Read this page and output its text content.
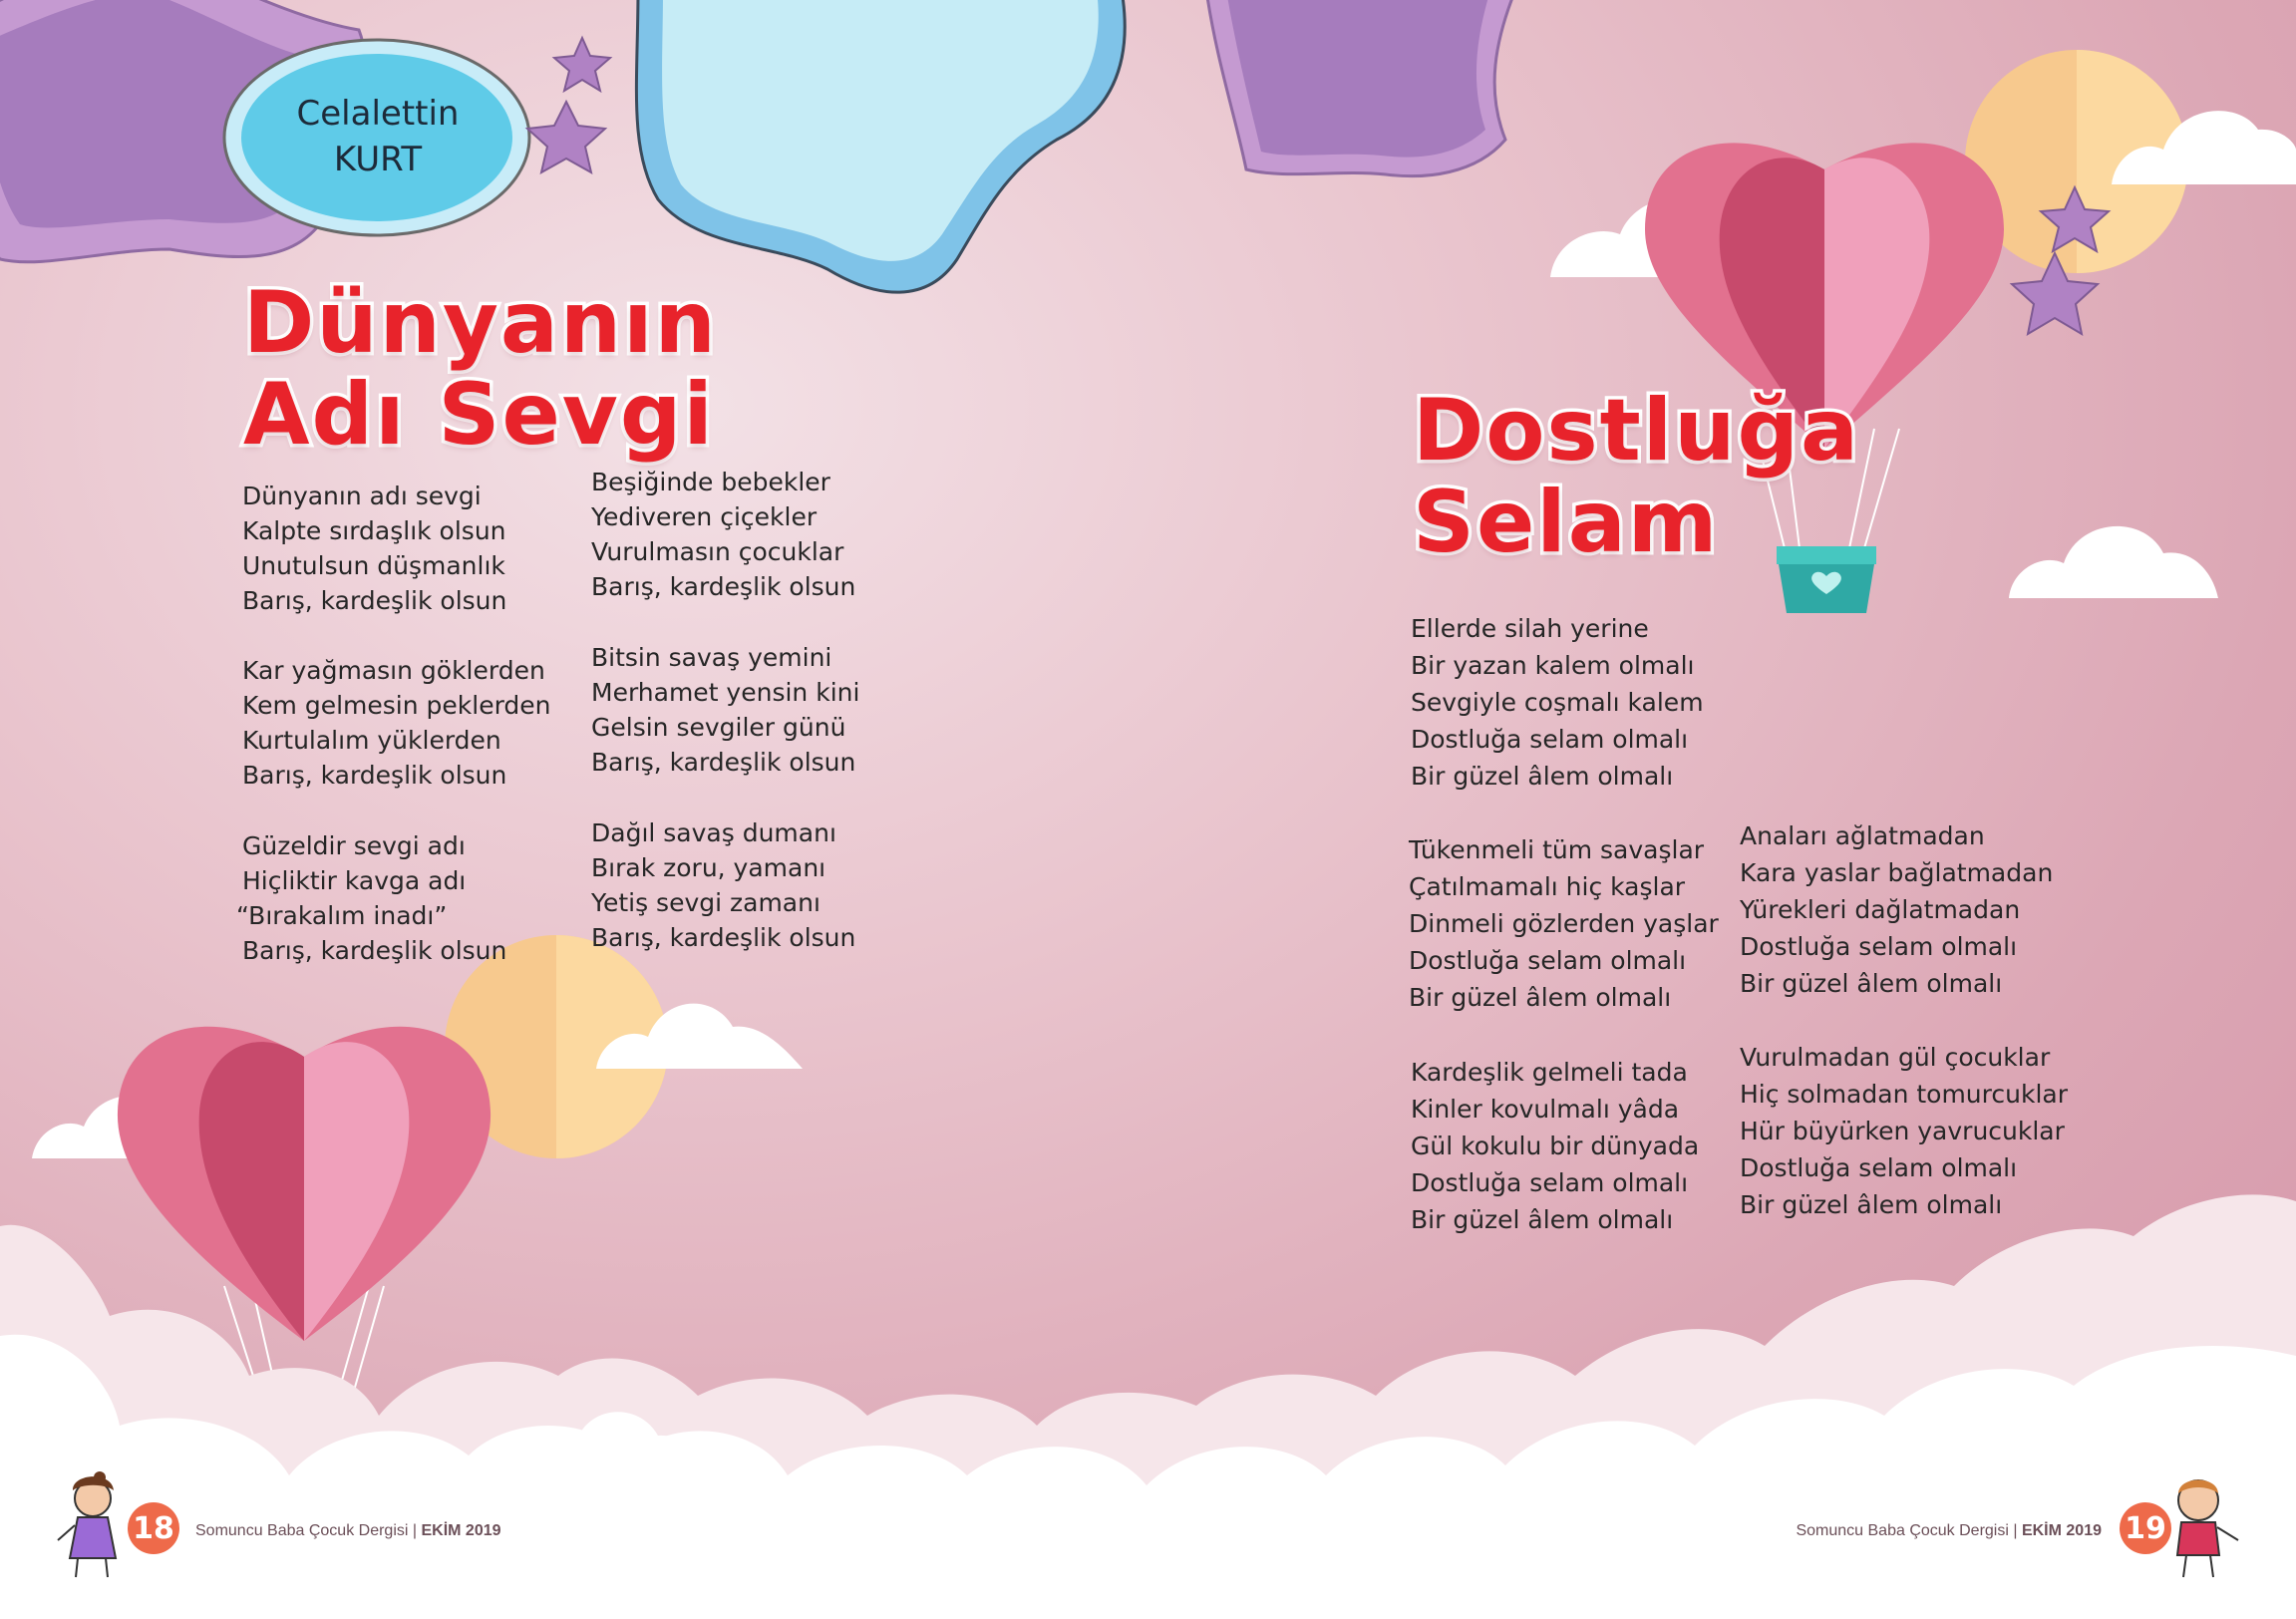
Celalettin
KURT
Dünyanın
Adı Sevgi
Dünyanın adı sevgi
Kalpte sırdaşlık olsun
Unutulsun düşmanlık
Barış, kardeşlik olsun
Kar yağmasın göklerden
Kem gelmesin peklerden
Kurtulalım yüklerden
Barış, kardeşlik olsun
Güzeldir sevgi adı
Hiçliktir kavga adı
“Bırakalım inadı”
Barış, kardeşlik olsun
Beşiğinde bebekler
Yediveren çiçekler
Vurulmasın çocuklar
Barış, kardeşlik olsun
Bitsin savaş yemini
Merhamet yensin kini
Gelsin sevgiler günü
Barış, kardeşlik olsun
Dağıl savaş dumanı
Bırak zoru, yamanı
Yetiş sevgi zamanı
Barış, kardeşlik olsun
Dostluğa
Selam
Ellerde silah yerine
Bir yazan kalem olmalı
Sevgiyle coşmalı kalem
Dostluğa selam olmalı
Bir güzel âlem olmalı
Tükenmeli tüm savaşlar
Çatılmamalı hiç kaşlar
Dinmeli gözlerden yaşlar
Dostluğa selam olmalı
Bir güzel âlem olmalı
Kardeşlik gelmeli tada
Kinler kovulmalı yâda
Gül kokulu bir dünyada
Dostluğa selam olmalı
Bir güzel âlem olmalı
Anaları ağlatmadan
Kara yaslar bağlatmadan
Yürekleri dağlatmadan
Dostluğa selam olmalı
Bir güzel âlem olmalı
Vurulmadan gül çocuklar
Hiç solmadan tomurcuklar
Hür büyürken yavrucuklar
Dostluğa selam olmalı
Bir güzel âlem olmalı
18	Somuncu Baba Çocuk Dergisi | EKİM 2019	Somuncu Baba Çocuk Dergisi | EKİM 2019 19
